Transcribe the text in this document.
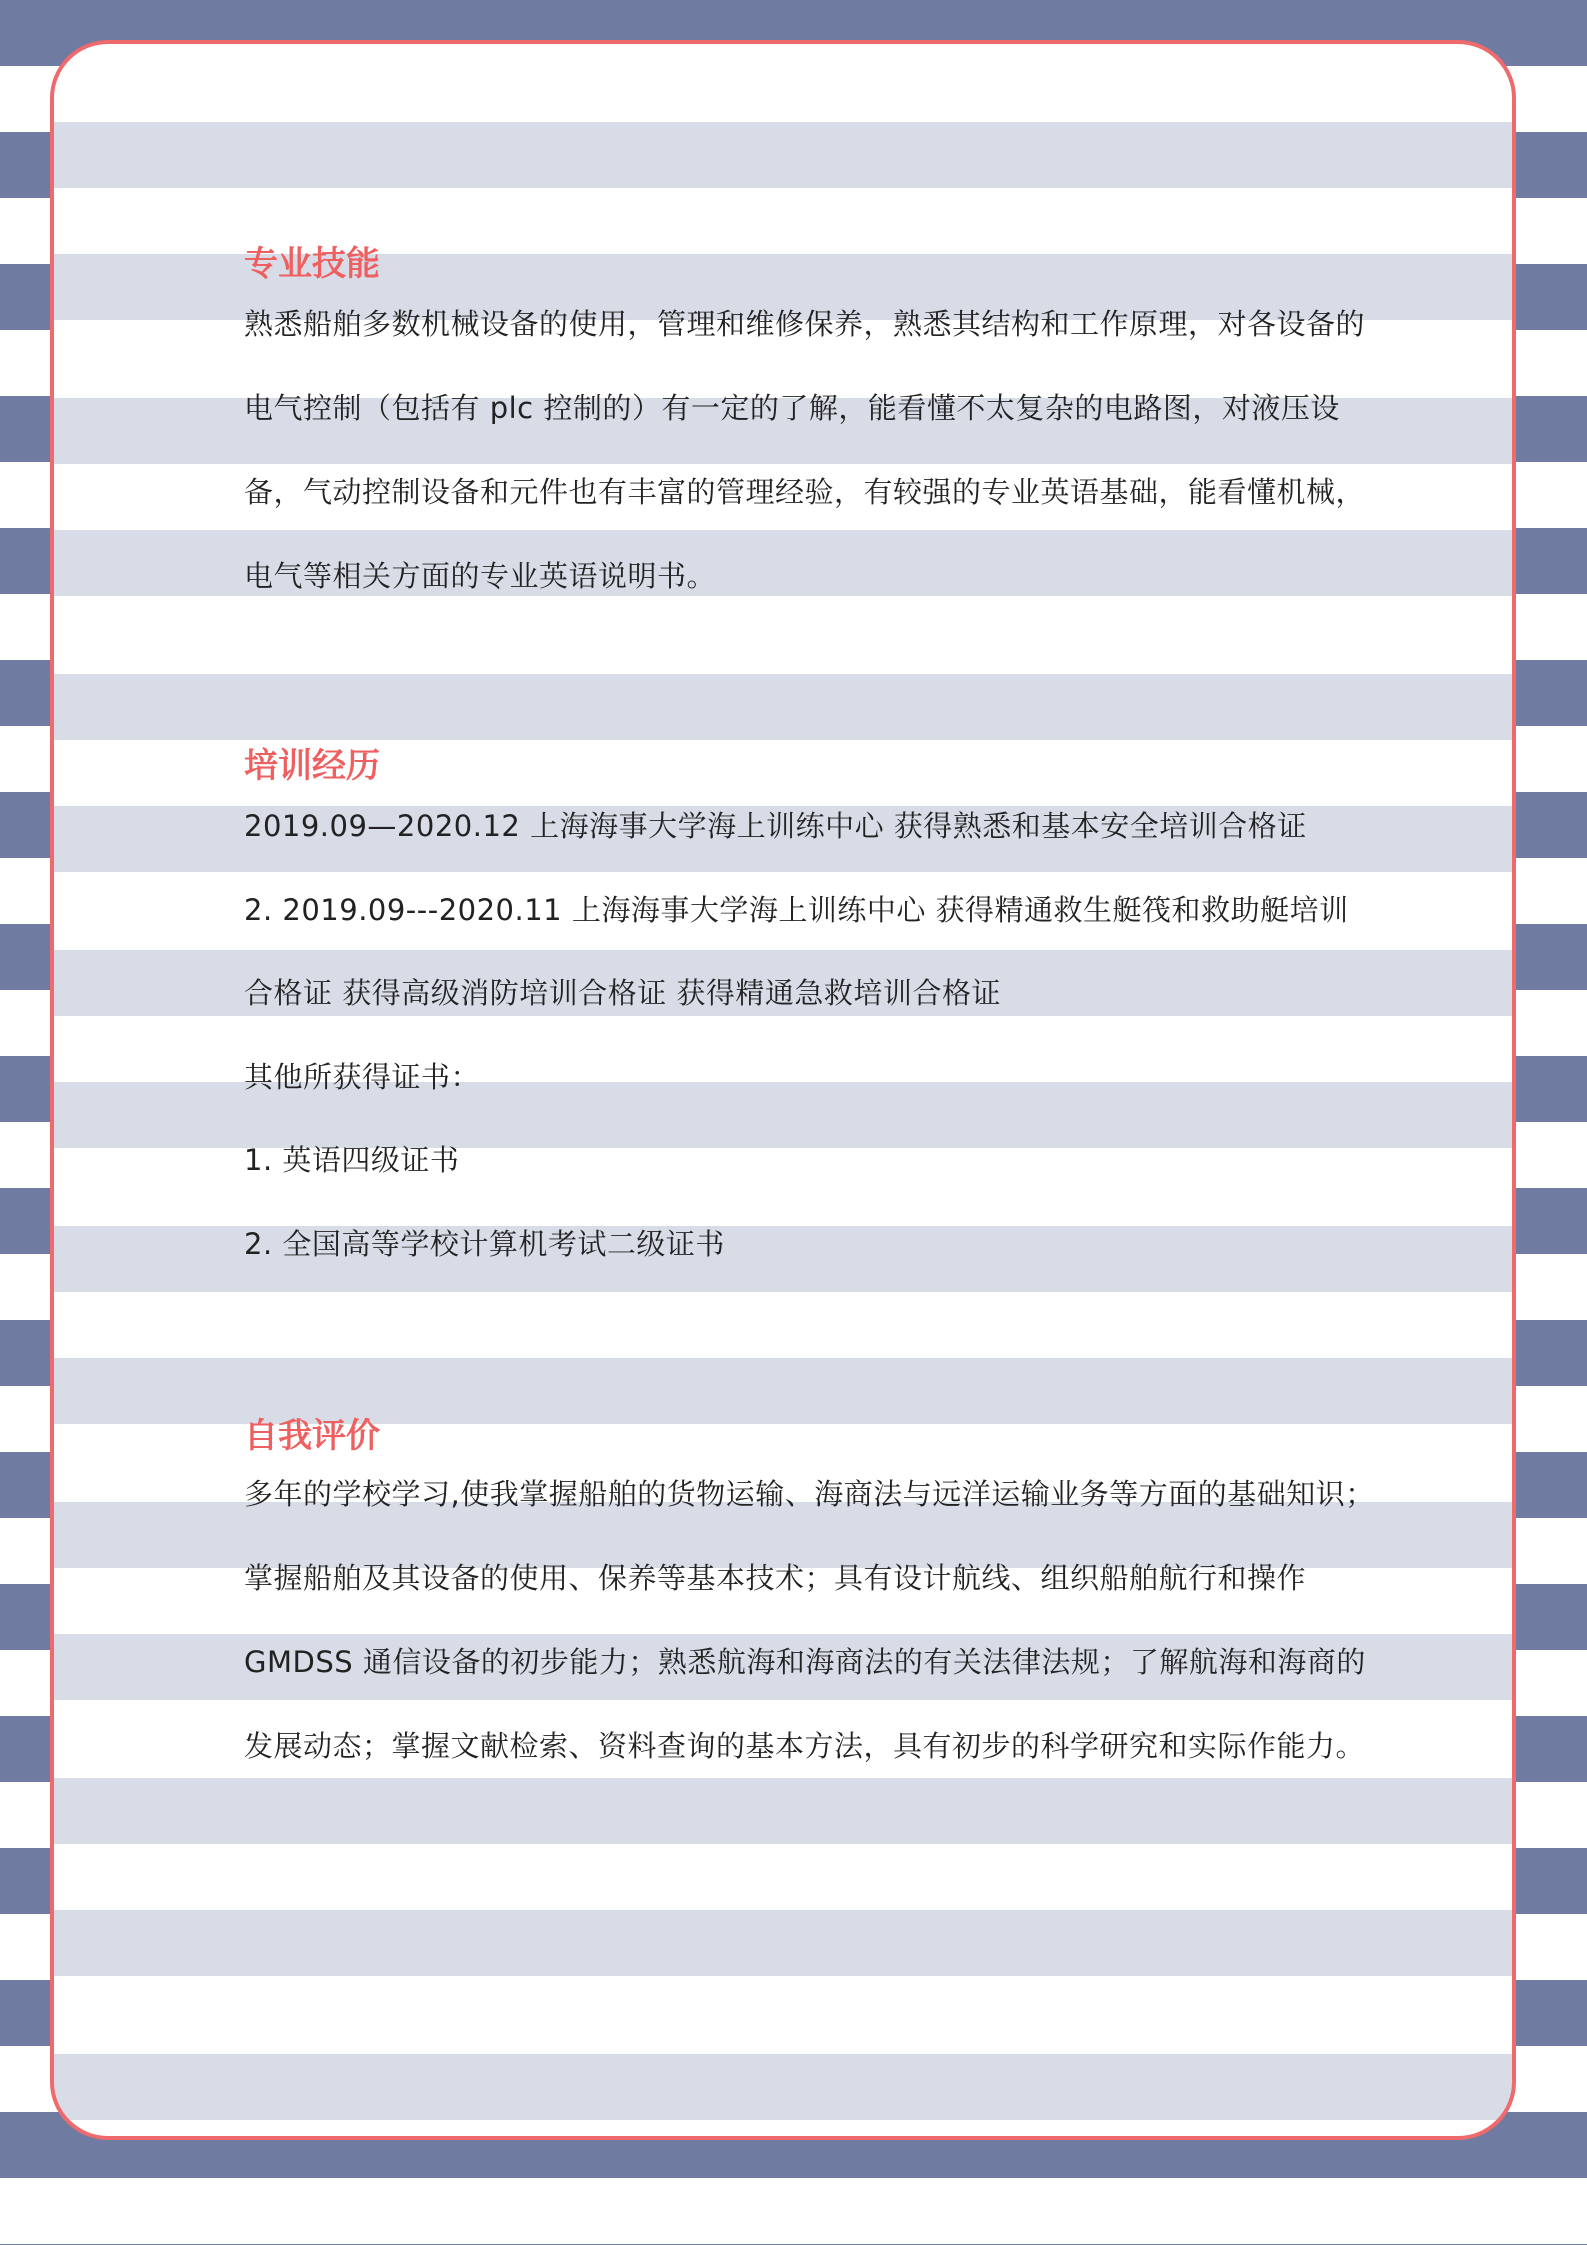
专业技能
熟悉船舶多数机械设备的使用，管理和维修保养，熟悉其结构和工作原理，对各设备的
电气控制（包括有 plc 控制的）有一定的了解，能看懂不太复杂的电路图，对液压设
备，气动控制设备和元件也有丰富的管理经验，有较强的专业英语基础，能看懂机械，
电气等相关方面的专业英语说明书。
培训经历
2019.09—2020.12 上海海事大学海上训练中心 获得熟悉和基本安全培训合格证
2. 2019.09---2020.11 上海海事大学海上训练中心 获得精通救生艇筏和救助艇培训
合格证 获得高级消防培训合格证 获得精通急救培训合格证
其他所获得证书：
1. 英语四级证书
2. 全国高等学校计算机考试二级证书
自我评价
多年的学校学习,使我掌握船舶的货物运输、海商法与远洋运输业务等方面的基础知识；
掌握船舶及其设备的使用、保养等基本技术；具有设计航线、组织船舶航行和操作
GMDSS 通信设备的初步能力；熟悉航海和海商法的有关法律法规；了解航海和海商的
发展动态；掌握文献检索、资料查询的基本方法，具有初步的科学研究和实际作能力。
